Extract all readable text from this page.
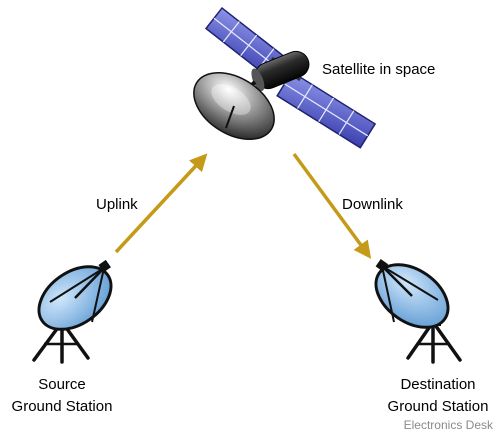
Satellite in space
Uplink	Downlink
Source
Ground Station
Destination
Ground Station
Electronics Desk
